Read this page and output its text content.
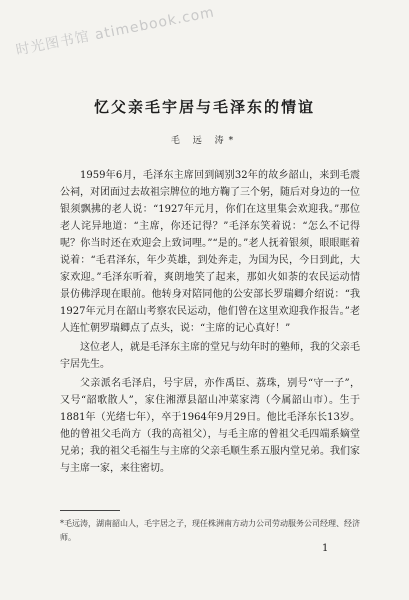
时光图书馆 atimebook.com
忆父亲毛宇居与毛泽东的情谊
毛 远 涛*

1959年6月，毛泽东主席回到阔别32年的故乡韶山，来到毛震公祠，对团面过去故祖宗牌位的地方鞠了三个躬，随后对身边的一位银须飘拂的老人说：“1927年元月，你们在这里集会欢迎我。”那位老人诧异地道：“主席，你还记得？”毛泽东笑着说：“怎么不记得呢？你当时还在欢迎会上致词哩。”“是的。”老人抚着银须，眼眼眶着说着：“毛君泽东，年少英雄，到处奔走，为国为民，今日到此，大家欢迎。”毛泽东听着，爽朗地笑了起来，那如火如荼的农民运动情景仿佛浮现在眼前。他转身对陪同他的公安部长罗瑞卿介绍说：“我1927年元月在韶山考察农民运动，他们曾在这里欢迎我作报告。”老人连忙朝罗瑞卿点了点头，说：“主席的记心真好！”

这位老人，就是毛泽东主席的堂兄与幼年时的塾师，我的父亲毛宇居先生。

父亲派名毛泽启，号宇居，亦作禹臣、荔珠，别号“守一子”，又号“韶歌散人”，家住湘潭县韶山冲菜家湾（今属韶山市）。生于1881年（光绪七年），卒于1964年9月29日。他比毛泽东长13岁。他的曾祖父毛尚方（我的高祖父），与毛主席的曾祖父毛四端系嫡堂兄弟；我的祖父毛福生与主席的父亲毛顺生系五服内堂兄弟。我们家与主席一家，来往密切。

*毛远涛，湖南韶山人，毛宇居之子，现任株洲南方动力公司劳动服务公司经理、经济师。
1
